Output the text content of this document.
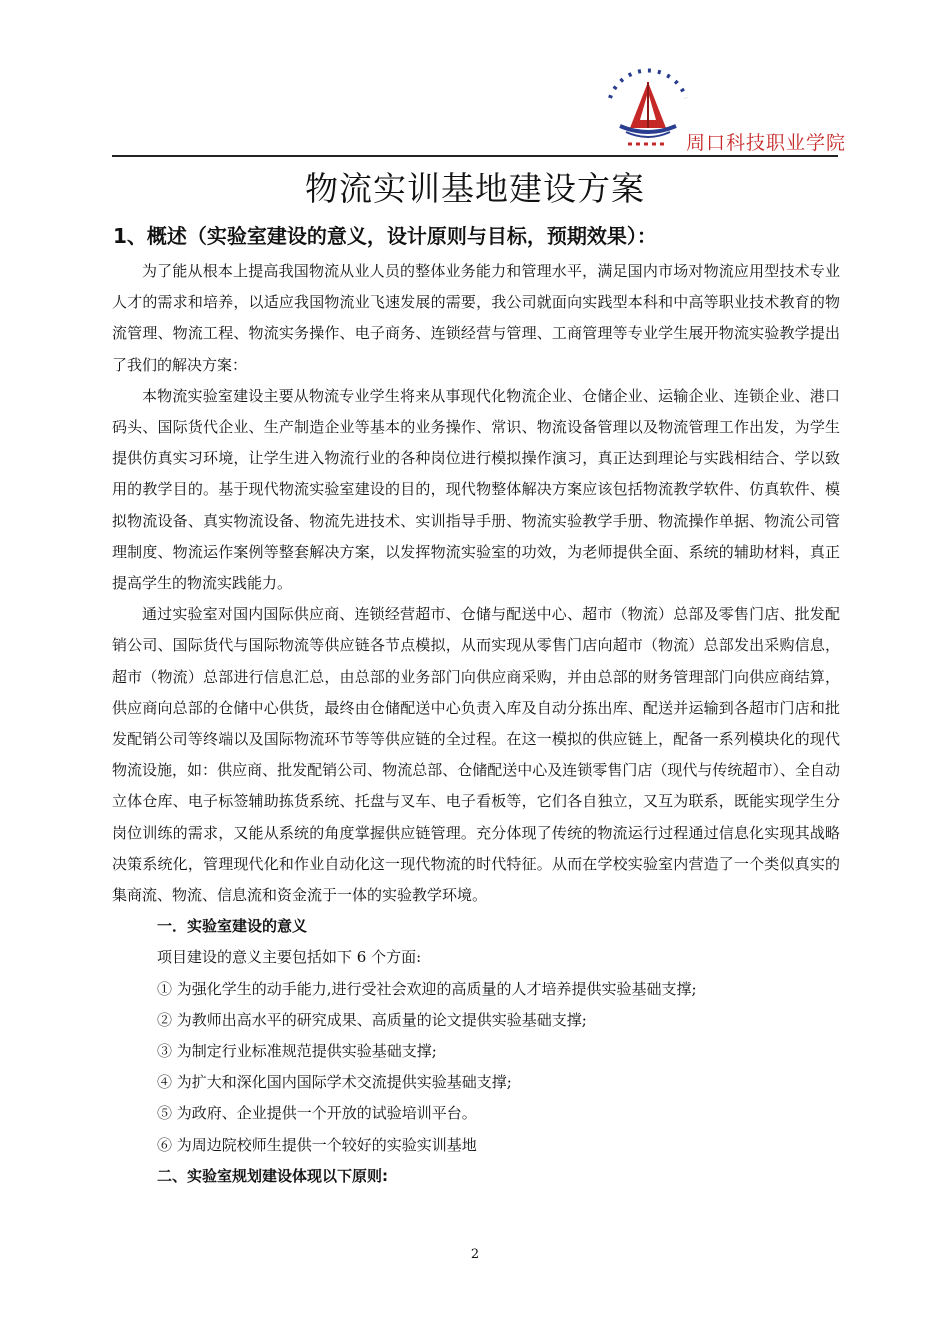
周口科技职业学院
物流实训基地建设方案
1、概述（实验室建设的意义，设计原则与目标，预期效果）：

为了能从根本上提高我国物流从业人员的整体业务能力和管理水平，满足国内市场对物流应用型技术专业人才的需求和培养，以适应我国物流业飞速发展的需要，我公司就面向实践型本科和中高等职业技术教育的物流管理、物流工程、物流实务操作、电子商务、连锁经营与管理、工商管理等专业学生展开物流实验教学提出了我们的解决方案：

本物流实验室建设主要从物流专业学生将来从事现代化物流企业、仓储企业、运输企业、连锁企业、港口码头、国际货代企业、生产制造企业等基本的业务操作、常识、物流设备管理以及物流管理工作出发，为学生提供仿真实习环境，让学生进入物流行业的各种岗位进行模拟操作演习，真正达到理论与实践相结合、学以致用的教学目的。基于现代物流实验室建设的目的，现代物整体解决方案应该包括物流教学软件、仿真软件、模拟物流设备、真实物流设备、物流先进技术、实训指导手册、物流实验教学手册、物流操作单据、物流公司管理制度、物流运作案例等整套解决方案，以发挥物流实验室的功效，为老师提供全面、系统的辅助材料，真正提高学生的物流实践能力。

通过实验室对国内国际供应商、连锁经营超市、仓储与配送中心、超市（物流）总部及零售门店、批发配销公司、国际货代与国际物流等供应链各节点模拟，从而实现从零售门店向超市（物流）总部发出采购信息，超市（物流）总部进行信息汇总，由总部的业务部门向供应商采购，并由总部的财务管理部门向供应商结算，供应商向总部的仓储中心供货，最终由仓储配送中心负责入库及自动分拣出库、配送并运输到各超市门店和批发配销公司等终端以及国际物流环节等等供应链的全过程。在这一模拟的供应链上，配备一系列模块化的现代物流设施，如：供应商、批发配销公司、物流总部、仓储配送中心及连锁零售门店（现代与传统超市）、全自动立体仓库、电子标签辅助拣货系统、托盘与叉车、电子看板等，它们各自独立，又互为联系，既能实现学生分岗位训练的需求，又能从系统的角度掌握供应链管理。充分体现了传统的物流运行过程通过信息化实现其战略决策系统化，管理现代化和作业自动化这一现代物流的时代特征。从而在学校实验室内营造了一个类似真实的集商流、物流、信息流和资金流于一体的实验教学环境。

一．实验室建设的意义

项目建设的意义主要包括如下 6 个方面:

① 为强化学生的动手能力,进行受社会欢迎的高质量的人才培养提供实验基础支撑;

② 为教师出高水平的研究成果、高质量的论文提供实验基础支撑;

③ 为制定行业标准规范提供实验基础支撑;

④ 为扩大和深化国内国际学术交流提供实验基础支撑;

⑤ 为政府、企业提供一个开放的试验培训平台。

⑥ 为周边院校师生提供一个较好的实验实训基地

二、实验室规划建设体现以下原则:

2
